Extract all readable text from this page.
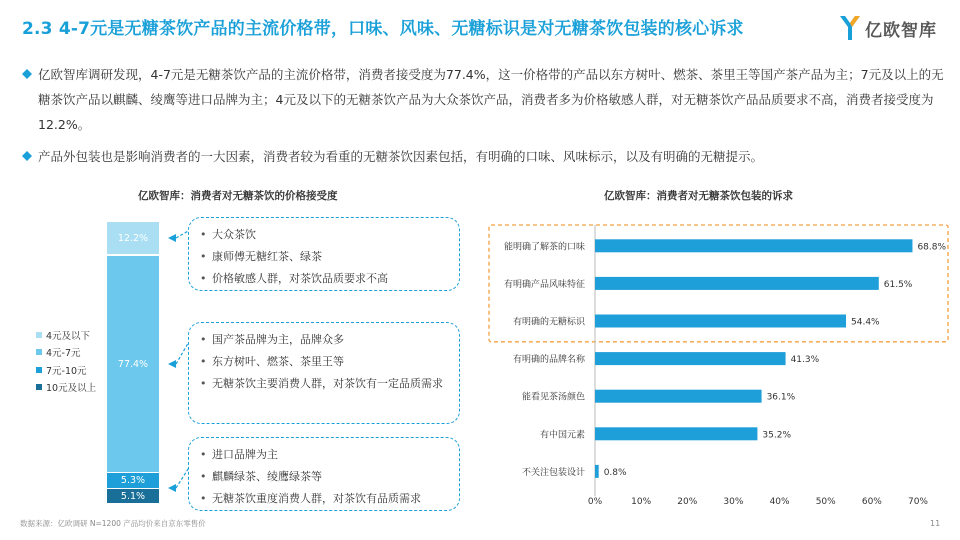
2.3 4-7元是无糖茶饮产品的主流价格带，口味、风味、无糖标识是对无糖茶饮包装的核心诉求	亿欧智库
亿欧智库调研发现，4-7元是无糖茶饮产品的主流价格带，消费者接受度为77.4%，这一价格带的产品以东方树叶、燃茶、茶里王等国产茶产品为主；7元及以上的无糖茶饮产品以麒麟、绫鹰等进口品牌为主；4元及以下的无糖茶饮产品为大众茶饮产品，消费者多为价格敏感人群，对无糖茶饮产品品质要求不高，消费者接受度为12.2%。
产品外包装也是影响消费者的一大因素，消费者较为看重的无糖茶饮因素包括，有明确的口味、风味标示，以及有明确的无糖提示。
亿欧智库：消费者对无糖茶饮的价格接受度
12.2%
77.4%
5.3%
5.1%
4元及以下
4元-7元
7元-10元
10元及以上
• 大众茶饮
• 康师傅无糖红茶、绿茶
• 价格敏感人群，对茶饮品质要求不高
• 国产茶品牌为主，品牌众多
• 东方树叶、燃茶、茶里王等
• 无糖茶饮主要消费人群，对茶饮有一定品质需求
• 进口品牌为主
• 麒麟绿茶、绫鹰绿茶等
• 无糖茶饮重度消费人群，对茶饮有品质需求
亿欧智库：消费者对无糖茶饮包装的诉求
能明确了解茶的口味	68.8%
有明确产品风味特征	61.5%
有明确的无糖标识	54.4%
有明确的品牌名称	41.3%
能看见茶汤颜色	36.1%
有中国元素	35.2%
不关注包装设计 0.8%
0%	10%	20%	30%	40%	50%	60%	70%
数据来源：亿欧调研 N=1200 产品均价来自京东零售价	11
